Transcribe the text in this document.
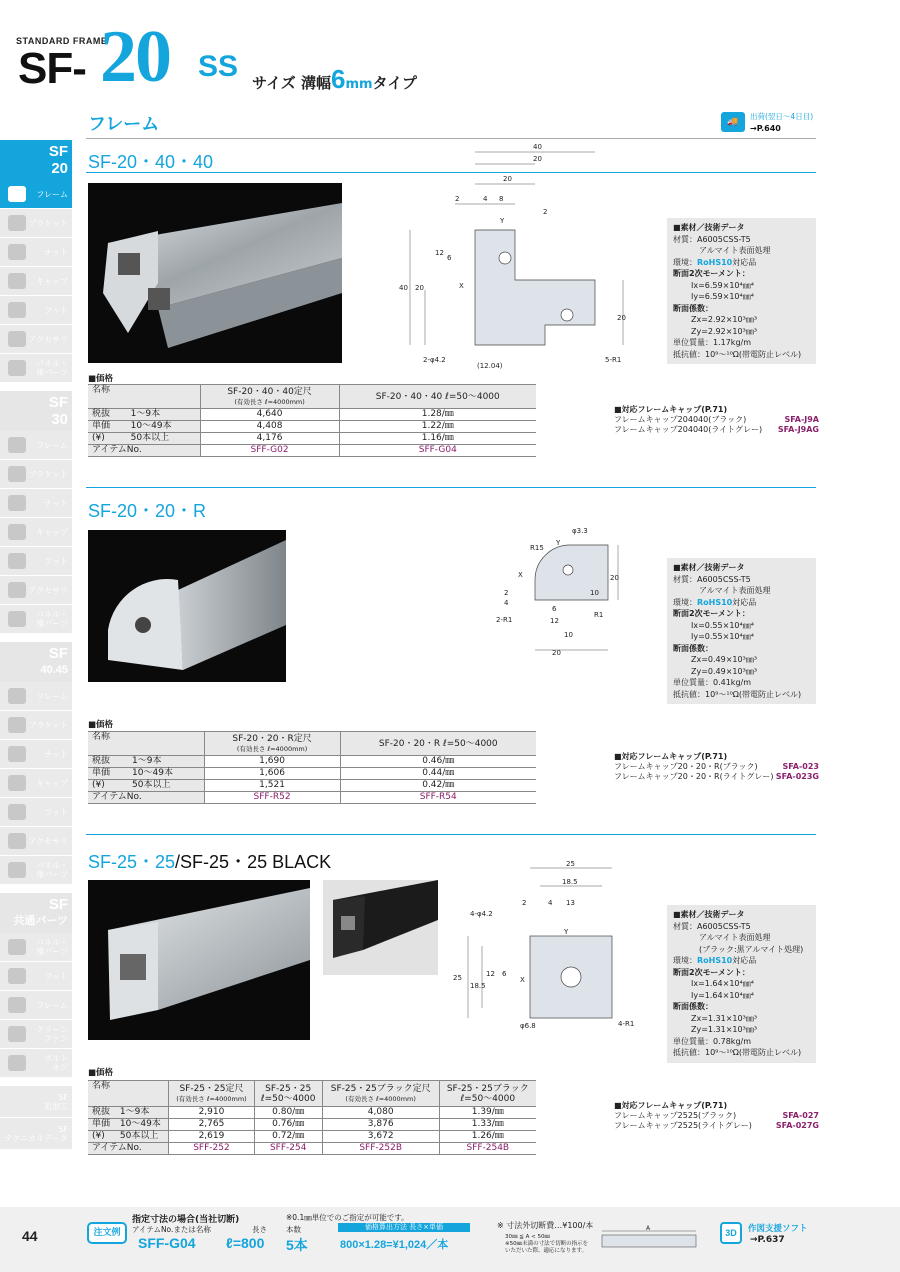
STANDARD FRAME
SF- 20 SS サイズ 溝幅6mmタイプ
フレーム	🚚
出荷(翌日〜4日目)
→P.640
SF
20
フレーム
ブラケット
ナット
キャップ
フット
アクセサリ
パネル・
扉パーツ
SF
30
フレーム
ブラケット
ナット
キャップ
フット
アクセサリ
パネル・
扉パーツ
SF
40.45
フレーム
ブラケット
ナット
キャップ
フット
アクセサリ
パネル・
扉パーツ
SF
共通パーツ
パネル・
扉パーツ
フット
フレーム
クリーン
ファン
ボルト
ネジ
SF
追加工
SF
テクニカルデータ
SF-20・40・40
40
20
20
2	4 8
2
Y
12
6
40 20	X
20
2-φ4.2
(12.04)
5-R1
■素材／技術データ
材質：A6005CSS-T5
アルマイト表面処理
環境：RoHS10対応品
断面2次モーメント：
Ix=6.59×10⁴㎜⁴
Iy=6.59×10⁴㎜⁴
断面係数：
Zx=2.92×10³㎜³
Zy=2.92×10³㎜³
単位質量：1.17kg/m
抵抗値：10⁹〜¹⁰Ω(帯電防止レベル)
■価格
名称		SF-20・40・40定尺
(有効長さ ℓ=4000mm)	SF-20・40・40 ℓ=50〜4000
税抜	1〜9本	4,640	1.28/㎜
単価	10〜49本	4,408	1.22/㎜
(¥)	50本以上	4,176	1.16/㎜
アイテムNo.		SFF-G02	SFF-G04
■対応フレームキャップ(P.71)
フレームキャップ204040(ブラック)	SFA-J9A
フレームキャップ204040(ライトグレー) SFA-J9AG
SF-20・20・R
R15
φ3.3
Y
X
2
4
2-R1
6
12
10
20
10
20
R1
■素材／技術データ
材質：A6005CSS-T5
アルマイト表面処理
環境：RoHS10対応品
断面2次モーメント：
Ix=0.55×10⁴㎜⁴
Iy=0.55×10⁴㎜⁴
断面係数：
Zx=0.49×10³㎜³
Zy=0.49×10³㎜³
単位質量：0.41kg/m
抵抗値：10⁹〜¹⁰Ω(帯電防止レベル)
■価格
名称		SF-20・20・R定尺
(有効長さ ℓ=4000mm)	SF-20・20・R ℓ=50〜4000
税抜	1〜9本	1,690	0.46/㎜
単価	10〜49本	1,606	0.44/㎜
(¥)	50本以上	1,521	0.42/㎜
アイテムNo.		SFF-R52	SFF-R54
■対応フレームキャップ(P.71)
フレームキャップ20・20・R(ブラック)	SFA-023
フレームキャップ20・20・R(ライトグレー) SFA-023G
SF-25・25/SF-25・25 BLACK	25
18.5
2	4 13
4-φ4.2
Y
X
25
18.5
12 6
φ6.8	4-R1
■素材／技術データ
材質：A6005CSS-T5
アルマイト表面処理
(ブラック:黒アルマイト処理)
環境：RoHS10対応品
断面2次モーメント：
Ix=1.64×10⁴㎜⁴
Iy=1.64×10⁴㎜⁴
断面係数：
Zx=1.31×10³㎜³
Zy=1.31×10³㎜³
単位質量：0.78kg/m
抵抗値：10⁹〜¹⁰Ω(帯電防止レベル)
■価格
名称		SF-25・25定尺
(有効長さ ℓ=4000mm)	SF-25・25
ℓ=50〜4000	SF-25・25ブラック定尺
(有効長さ ℓ=4000mm)	SF-25・25ブラック
ℓ=50〜4000
税抜	1〜9本	2,910	0.80/㎜	4,080	1.39/㎜
単価	10〜49本	2,765	0.76/㎜	3,876	1.33/㎜
(¥)	50本以上	2,619	0.72/㎜	3,672	1.26/㎜
アイテムNo.		SFF-252	SFF-254	SFF-252B	SFF-254B
■対応フレームキャップ(P.71)
フレームキャップ2525(ブラック)	SFA-027
フレームキャップ2525(ライトグレー)	SFA-027G
44	注文例
指定寸法の場合(当社切断)
アイテムNo.または名称	長さ
※0.1㎜単位でのご指定が可能です。
本数	価格算出方法 長さ×単価
SFF-G04 ℓ=800 5本	800×1.28=¥1,024／本
※ 寸法外切断費…¥100/本
30㎜ ≦ A < 50㎜
※50㎜未満の寸法で切断の指示を
いただいた際、適応になります。
A	3D	作図支援ソフト
→P.637
